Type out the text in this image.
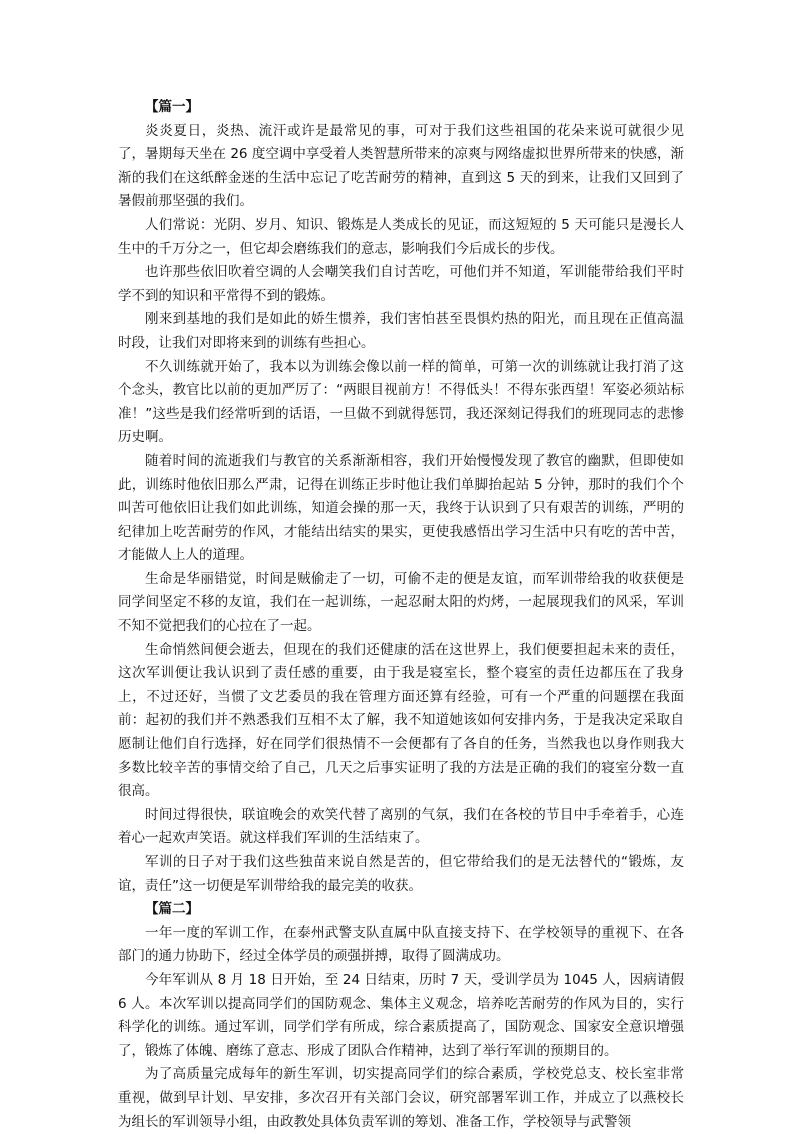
【篇一】

炎炎夏日，炎热、流汗或许是最常见的事，可对于我们这些祖国的花朵来说可就很少见了，暑期每天坐在 26 度空调中享受着人类智慧所带来的凉爽与网络虚拟世界所带来的快感，渐渐的我们在这纸醉金迷的生活中忘记了吃苦耐劳的精神，直到这 5 天的到来，让我们又回到了暑假前那坚强的我们。

人们常说：光阴、岁月、知识、锻炼是人类成长的见证，而这短短的 5 天可能只是漫长人生中的千万分之一，但它却会磨练我们的意志，影响我们今后成长的步伐。

也许那些依旧吹着空调的人会嘲笑我们自讨苦吃，可他们并不知道，军训能带给我们平时学不到的知识和平常得不到的锻炼。

刚来到基地的我们是如此的娇生惯养，我们害怕甚至畏惧灼热的阳光，而且现在正值高温时段，让我们对即将来到的训练有些担心。

不久训练就开始了，我本以为训练会像以前一样的简单，可第一次的训练就让我打消了这个念头，教官比以前的更加严厉了：“两眼目视前方！不得低头！不得东张西望！军姿必须站标准！”这些是我们经常听到的话语，一旦做不到就得惩罚，我还深刻记得我们的班现同志的悲惨历史啊。

随着时间的流逝我们与教官的关系渐渐相容，我们开始慢慢发现了教官的幽默，但即使如此，训练时他依旧那么严肃，记得在训练正步时他让我们单脚抬起站 5 分钟，那时的我们个个叫苦可他依旧让我们如此训练，知道会操的那一天，我终于认识到了只有艰苦的训练，严明的纪律加上吃苦耐劳的作风，才能结出结实的果实，更使我感悟出学习生活中只有吃的苦中苦，才能做人上人的道理。

生命是华丽错觉，时间是贼偷走了一切，可偷不走的便是友谊，而军训带给我的收获便是同学间坚定不移的友谊，我们在一起训练，一起忍耐太阳的灼烤，一起展现我们的风采，军训不知不觉把我们的心拉在了一起。

生命悄然间便会逝去，但现在的我们还健康的活在这世界上，我们便要担起未来的责任，这次军训便让我认识到了责任感的重要，由于我是寝室长，整个寝室的责任边都压在了我身上，不过还好，当惯了文艺委员的我在管理方面还算有经验，可有一个严重的问题摆在我面前：起初的我们并不熟悉我们互相不太了解，我不知道她该如何安排内务，于是我决定采取自愿制让他们自行选择，好在同学们很热情不一会便都有了各自的任务，当然我也以身作则我大多数比较辛苦的事情交给了自己，几天之后事实证明了我的方法是正确的我们的寝室分数一直很高。

时间过得很快，联谊晚会的欢笑代替了离别的气氛，我们在各校的节目中手牵着手，心连着心一起欢声笑语。就这样我们军训的生活结束了。

军训的日子对于我们这些独苗来说自然是苦的，但它带给我们的是无法替代的“锻炼，友谊，责任”这一切便是军训带给我的最完美的收获。

【篇二】

一年一度的军训工作，在泰州武警支队直属中队直接支持下、在学校领导的重视下、在各部门的通力协助下，经过全体学员的顽强拼搏，取得了圆满成功。

今年军训从 8 月 18 日开始，至 24 日结束，历时 7 天，受训学员为 1045 人，因病请假 6 人。本次军训以提高同学们的国防观念、集体主义观念，培养吃苦耐劳的作风为目的，实行科学化的训练。通过军训，同学们学有所成，综合素质提高了，国防观念、国家安全意识增强了，锻炼了体魄、磨练了意志、形成了团队合作精神，达到了举行军训的预期目的。

为了高质量完成每年的新生军训，切实提高同学们的综合素质，学校党总支、校长室非常重视，做到早计划、早安排，多次召开有关部门会议，研究部署军训工作，并成立了以燕校长为组长的军训领导小组，由政教处具体负责军训的筹划、准备工作，学校领导与武警领
